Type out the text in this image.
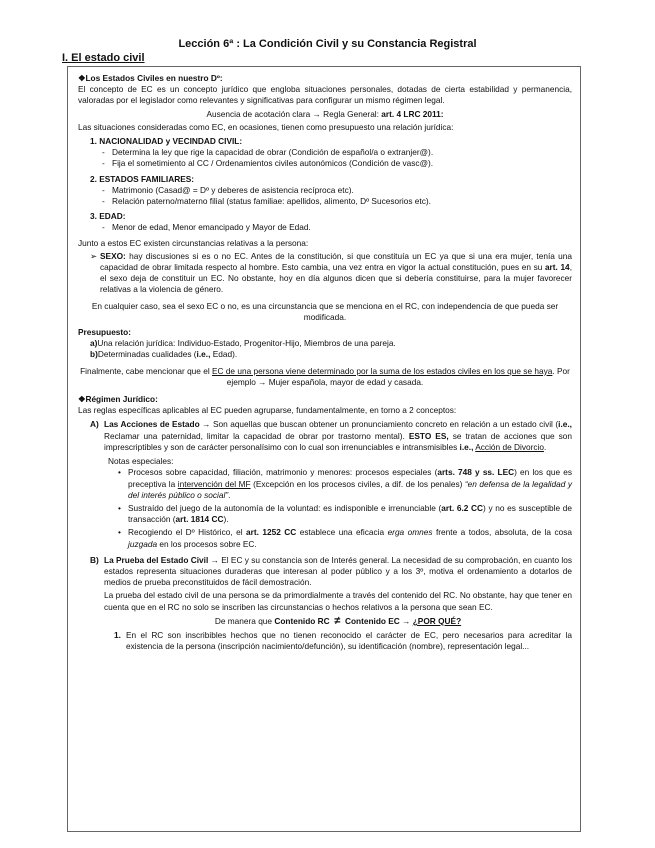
Lección 6ª : La Condición Civil y su Constancia Registral
I. El estado civil

❖Los Estados Civiles en nuestro Dº:

El concepto de EC es un concepto jurídico que engloba situaciones personales, dotadas de cierta estabilidad y permanencia, valoradas por el legislador como relevantes y significativas para configurar un mismo régimen legal.

Ausencia de acotación clara → Regla General: art. 4 LRC 2011:

Las situaciones consideradas como EC, en ocasiones, tienen como presupuesto una relación jurídica:

1. NACIONALIDAD y VECINDAD CIVIL:

- Determina la ley que rige la capacidad de obrar (Condición de español/a o extranjer@).
- Fija el sometimiento al CC / Ordenamientos civiles autonómicos (Condición de vasc@).

2. ESTADOS FAMILIARES:

- Matrimonio (Casad@ = Dº y deberes de asistencia recíproca etc).
- Relación paterno/materno filial (status familiae: apellidos, alimento, Dº Sucesorios etc).

3. EDAD:

- Menor de edad, Menor emancipado y Mayor de Edad.

Junto a estos EC existen circunstancias relativas a la persona:

➢ SEXO: hay discusiones si es o no EC. Antes de la constitución, si que constituía un EC ya que si una era mujer, tenía una capacidad de obrar limitada respecto al hombre. Esto cambia, una vez entra en vigor la actual constitución, pues en su art. 14, el sexo deja de constituir un EC. No obstante, hoy en día algunos dicen que si debería constituirse, para la mujer favorecer relativas a la violencia de género.

En cualquier caso, sea el sexo EC o no, es una circunstancia que se menciona en el RC, con independencia de que pueda ser modificada.

Presupuesto:

a) Una relación jurídica: Individuo-Estado, Progenitor-Hijo, Miembros de una pareja.
b) Determinadas cualidades (i.e., Edad).

Finalmente, cabe mencionar que el EC de una persona viene determinado por la suma de los estados civiles en los que se haya. Por ejemplo → Mujer española, mayor de edad y casada.

❖Régimen Jurídico:

Las reglas específicas aplicables al EC pueden agruparse, fundamentalmente, en torno a 2 conceptos:

A) Las Acciones de Estado → Son aquellas que buscan obtener un pronunciamiento concreto en relación a un estado civil (i.e., Reclamar una paternidad, limitar la capacidad de obrar por trastorno mental). ESTO ES, se tratan de acciones que son imprescriptibles y son de carácter personalísimo con lo cual son irrenunciables e intransmisibles i.e., Acción de Divorcio.

Notas especiales:

• Procesos sobre capacidad, filiación, matrimonio y menores: procesos especiales (arts. 748 y ss. LEC) en los que es preceptiva la intervención del MF (Excepción en los procesos civiles, a dif. de los penales) “en defensa de la legalidad y del interés público o social”.

• Sustraído del juego de la autonomía de la voluntad: es indisponible e irrenunciable (art. 6.2 CC) y no es susceptible de transacción (art. 1814 CC).

• Recogiendo el Dº Histórico, el art. 1252 CC establece una eficacia erga omnes frente a todos, absoluta, de la cosa juzgada en los procesos sobre EC.

B) La Prueba del Estado Civil → El EC y su constancia son de Interés general. La necesidad de su comprobación, en cuanto los estados representa situaciones duraderas que interesan al poder público y a los 3º, motiva el ordenamiento a dotarlos de medios de prueba preconstituidos de fácil demostración.

La prueba del estado civil de una persona se da primordialmente a través del contenido del RC. No obstante, hay que tener en cuenta que en el RC no solo se inscriben las circunstancias o hechos relativos a la persona que sean EC.

De manera que Contenido RC ≠ Contenido EC → ¿POR QUÉ?

1. En el RC son inscribibles hechos que no tienen reconocido el carácter de EC, pero necesarios para acreditar la existencia de la persona (inscripción nacimiento/defunción), su identificación (nombre), representación legal...
